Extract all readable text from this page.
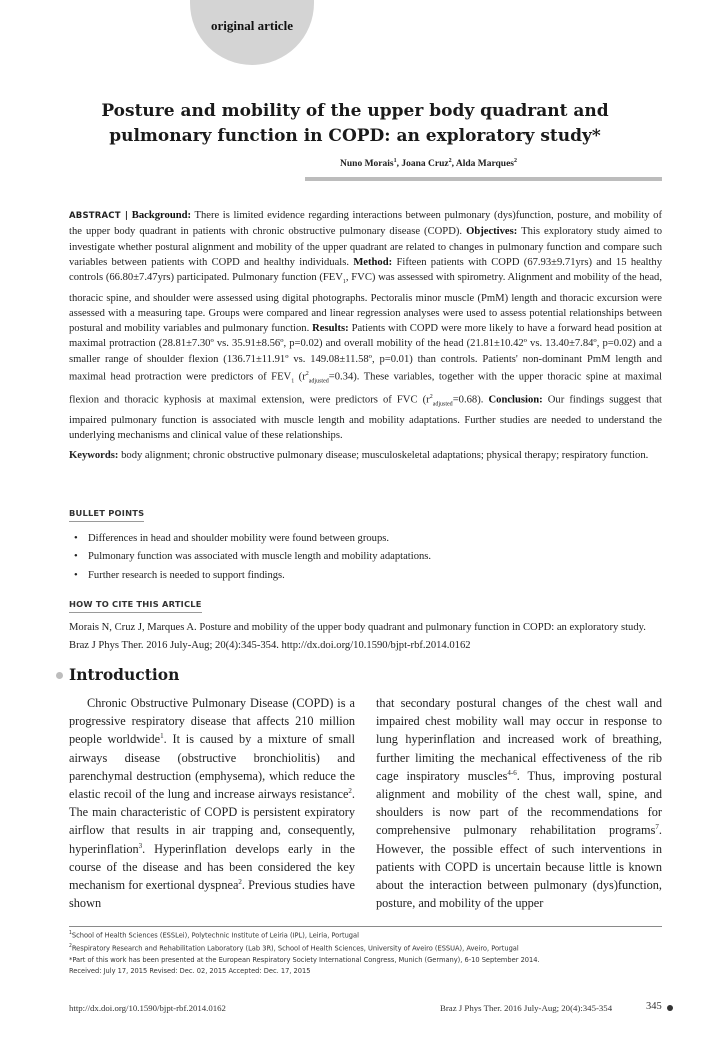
original article
Posture and mobility of the upper body quadrant and pulmonary function in COPD: an exploratory study*
Nuno Morais$^1$, Joana Cruz$^2$, Alda Marques$^2$
ABSTRACT | Background: There is limited evidence regarding interactions between pulmonary (dys)function, posture, and mobility of the upper body quadrant in patients with chronic obstructive pulmonary disease (COPD). Objectives: This exploratory study aimed to investigate whether postural alignment and mobility of the upper quadrant are related to changes in pulmonary function and compare such variables between patients with COPD and healthy individuals. Method: Fifteen patients with COPD (67.93±9.71yrs) and 15 healthy controls (66.80±7.47yrs) participated. Pulmonary function ($FEV_1$, FVC) was assessed with spirometry. Alignment and mobility of the head, thoracic spine, and shoulder were assessed using digital photographs. Pectoralis minor muscle (PmM) length and thoracic excursion were assessed with a measuring tape. Groups were compared and linear regression analyses were used to assess potential relationships between postural and mobility variables and pulmonary function. Results: Patients with COPD were more likely to have a forward head position at maximal protraction (28.81±7.30º vs. 35.91±8.56º, p=0.02) and overall mobility of the head (21.81±10.42º vs. 13.40±7.84º, p=0.02) and a smaller range of shoulder flexion (136.71±11.91º vs. 149.08±11.58º, p=0.01) than controls. Patients' non-dominant PmM length and maximal head protraction were predictors of $FEV_1$ $(r^2_{adjusted}=0.34)$. These variables, together with the upper thoracic spine at maximal flexion and thoracic kyphosis at maximal extension, were predictors of FVC $(r^2_{adjusted}=0.68)$. Conclusion: Our findings suggest that impaired pulmonary function is associated with muscle length and mobility adaptations. Further studies are needed to understand the underlying mechanisms and clinical value of these relationships.
Keywords: body alignment; chronic obstructive pulmonary disease; musculoskeletal adaptations; physical therapy; respiratory function.
BULLET POINTS
• Differences in head and shoulder mobility were found between groups.
• Pulmonary function was associated with muscle length and mobility adaptations.
• Further research is needed to support findings.
HOW TO CITE THIS ARTICLE
Morais N, Cruz J, Marques A. Posture and mobility of the upper body quadrant and pulmonary function in COPD: an exploratory study. Braz J Phys Ther. 2016 July-Aug; 20(4):345-354. http://dx.doi.org/10.1590/bjpt-rbf.2014.0162
Introduction
Chronic Obstructive Pulmonary Disease (COPD) is a progressive respiratory disease that affects 210 million people worldwide$^1$. It is caused by a mixture of small airways disease (obstructive bronchiolitis) and parenchymal destruction (emphysema), which reduce the elastic recoil of the lung and increase airways resistance$^2$. The main characteristic of COPD is persistent expiratory airflow that results in air trapping and, consequently, hyperinflation$^3$. Hyperinflation develops early in the course of the disease and has been considered the key mechanism for exertional dyspnea$^2$. Previous studies have shown
that secondary postural changes of the chest wall and impaired chest mobility wall may occur in response to lung hyperinflation and increased work of breathing, further limiting the mechanical effectiveness of the rib cage inspiratory muscles$^{4-6}$. Thus, improving postural alignment and mobility of the chest wall, spine, and shoulders is now part of the recommendations for comprehensive pulmonary rehabilitation programs$^7$. However, the possible effect of such interventions in patients with COPD is uncertain because little is known about the interaction between pulmonary (dys)function, posture, and mobility of the upper
$^1$School of Health Sciences (ESSLei), Polytechnic Institute of Leiria (IPL), Leiria, Portugal
$^2$Respiratory Research and Rehabilitation Laboratory (Lab 3R), School of Health Sciences, University of Aveiro (ESSUA), Aveiro, Portugal
*Part of this work has been presented at the European Respiratory Society International Congress, Munich (Germany), 6-10 September 2014.
Received: July 17, 2015 Revised: Dec. 02, 2015 Accepted: Dec. 17, 2015
http://dx.doi.org/10.1590/bjpt-rbf.2014.0162	Braz J Phys Ther. 2016 July-Aug; 20(4):345-354	345
